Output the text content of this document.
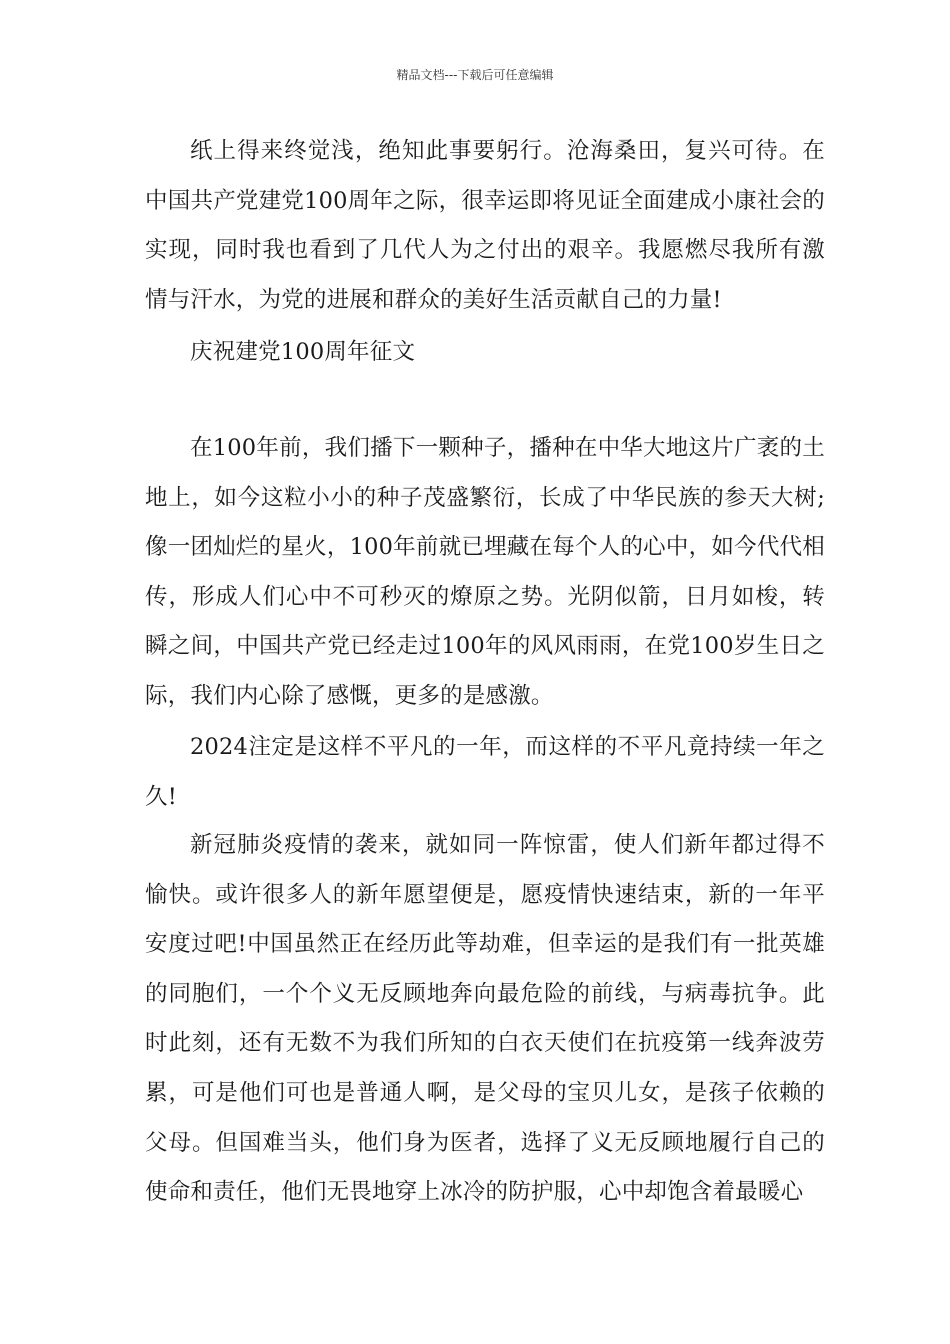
精品文档---下载后可任意编辑

纸上得来终觉浅，绝知此事要躬行。沧海桑田，复兴可待。在中国共产党建党100周年之际，很幸运即将见证全面建成小康社会的实现，同时我也看到了几代人为之付出的艰辛。我愿燃尽我所有激情与汗水，为党的进展和群众的美好生活贡献自己的力量!

庆祝建党100周年征文

在100年前，我们播下一颗种子，播种在中华大地这片广袤的土地上，如今这粒小小的种子茂盛繁衍，长成了中华民族的参天大树;像一团灿烂的星火，100年前就已埋藏在每个人的心中，如今代代相传，形成人们心中不可秒灭的燎原之势。光阴似箭，日月如梭，转瞬之间，中国共产党已经走过100年的风风雨雨，在党100岁生日之际，我们内心除了感慨，更多的是感激。

2024注定是这样不平凡的一年，而这样的不平凡竟持续一年之久!

新冠肺炎疫情的袭来，就如同一阵惊雷，使人们新年都过得不愉快。或许很多人的新年愿望便是，愿疫情快速结束，新的一年平安度过吧!中国虽然正在经历此等劫难，但幸运的是我们有一批英雄的同胞们，一个个义无反顾地奔向最危险的前线，与病毒抗争。此时此刻，还有无数不为我们所知的白衣天使们在抗疫第一线奔波劳累，可是他们可也是普通人啊，是父母的宝贝儿女，是孩子依赖的父母。但国难当头，他们身为医者，选择了义无反顾地履行自己的使命和责任，他们无畏地穿上冰冷的防护服，心中却饱含着最暖心
